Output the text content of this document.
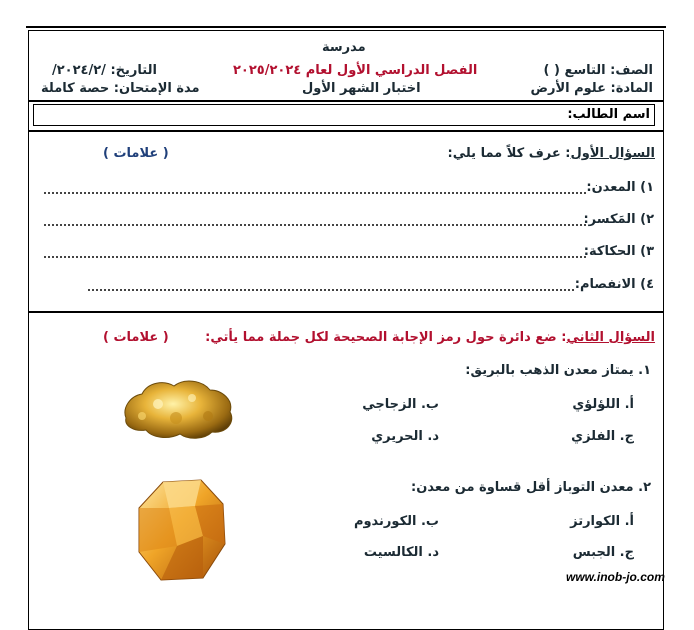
مدرسة
الصف: التاسع ( )
الفصل الدراسي الأول لعام ٢٠٢٥/٢٠٢٤
التاريخ: /٢٠٢٤/٢/
المادة: علوم الأرض
اختبار الشهر الأول
مدة الإمتحان: حصة كاملة
اسم الطالب:
السؤال الأول: عرف كلاً مما يلي:
( علامات )
١) المعدن:
٢) المَكسر:
٣) الحكاكة:
٤) الانفصام:
السؤال الثاني: ضع دائرة حول رمز الإجابة الصحيحة لكل جملة مما يأتي:
( علامات )
١. يمتاز معدن الذهب بالبريق:
أ. اللؤلؤي
ب. الزجاجي
ج. الفلزي
د. الحريري
٢. معدن التوباز أقل قساوة من معدن:
أ. الكوارتز
ب. الكورندوم
ج. الجبس
د. الكالسيت
www.inob-jo.com
